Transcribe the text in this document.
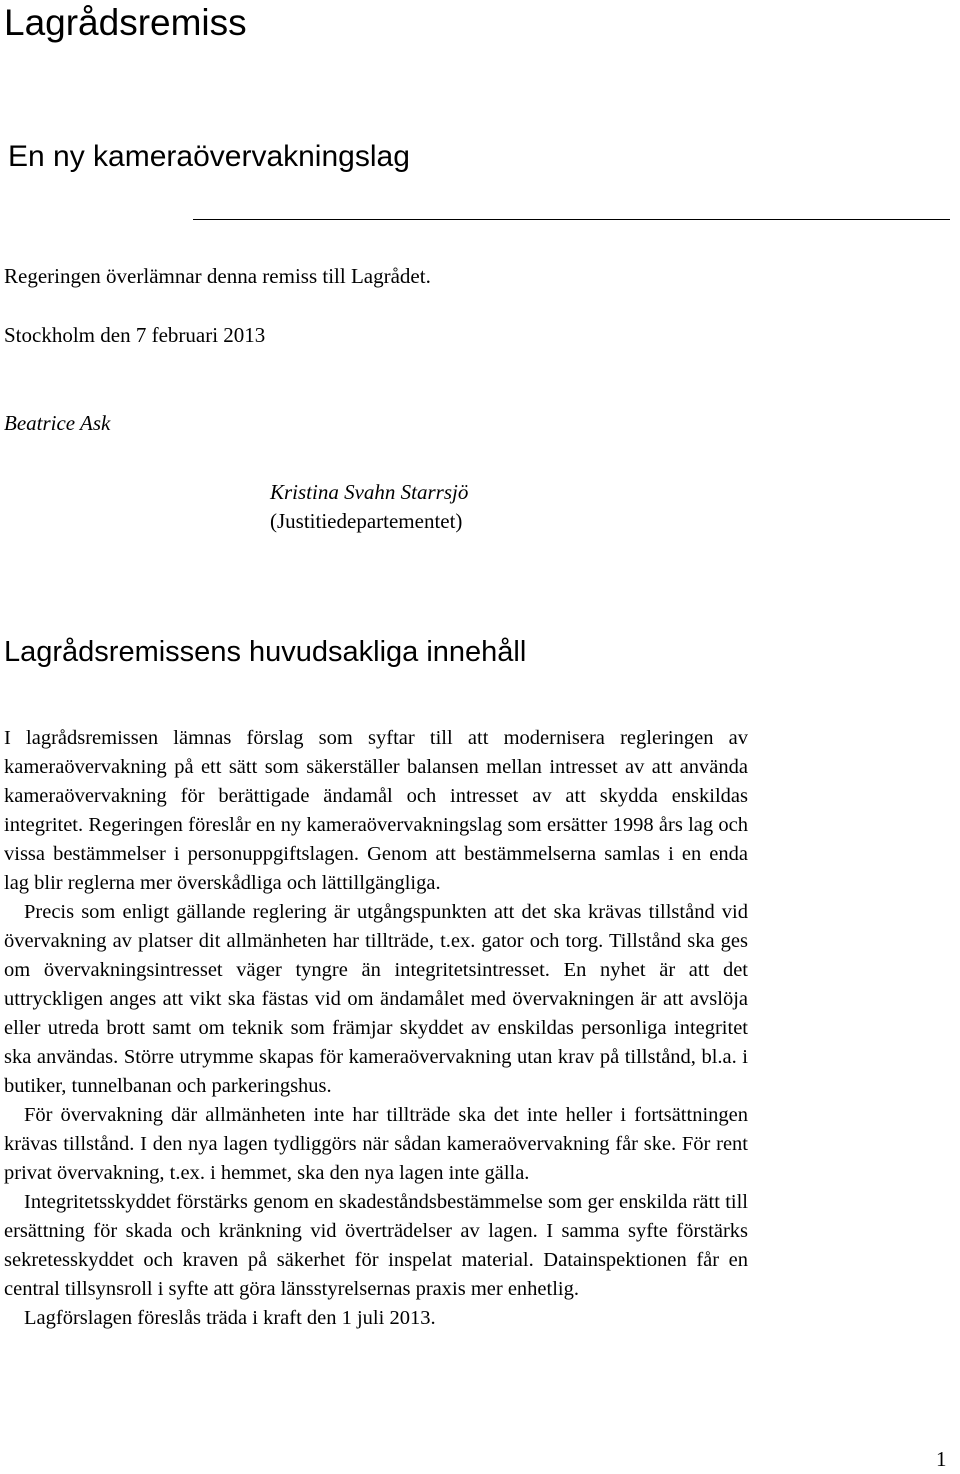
Lagrådsremiss
En ny kameraövervakningslag
Regeringen överlämnar denna remiss till Lagrådet.
Stockholm den 7 februari 2013
Beatrice Ask
Kristina Svahn Starrsjö
(Justitiedepartementet)
Lagrådsremissens huvudsakliga innehåll

I lagrådsremissen lämnas förslag som syftar till att modernisera regleringen av kameraövervakning på ett sätt som säkerställer balansen mellan intresset av att använda kameraövervakning för berättigade ändamål och intresset av att skydda enskildas integritet. Regeringen föreslår en ny kameraövervakningslag som ersätter 1998 års lag och vissa bestämmelser i personuppgiftslagen. Genom att bestämmelserna samlas i en enda lag blir reglerna mer överskådliga och lättillgängliga.

Precis som enligt gällande reglering är utgångspunkten att det ska krävas tillstånd vid övervakning av platser dit allmänheten har tillträde, t.ex. gator och torg. Tillstånd ska ges om övervakningsintresset väger tyngre än integritetsintresset. En nyhet är att det uttryckligen anges att vikt ska fästas vid om ändamålet med övervakningen är att avslöja eller utreda brott samt om teknik som främjar skyddet av enskildas personliga integritet ska användas. Större utrymme skapas för kameraövervakning utan krav på tillstånd, bl.a. i butiker, tunnelbanan och parkeringshus.

För övervakning där allmänheten inte har tillträde ska det inte heller i fortsättningen krävas tillstånd. I den nya lagen tydliggörs när sådan kameraövervakning får ske. För rent privat övervakning, t.ex. i hemmet, ska den nya lagen inte gälla.

Integritetsskyddet förstärks genom en skadeståndsbestämmelse som ger enskilda rätt till ersättning för skada och kränkning vid överträdelser av lagen. I samma syfte förstärks sekretesskyddet och kraven på säkerhet för inspelat material. Datainspektionen får en central tillsynsroll i syfte att göra länsstyrelsernas praxis mer enhetlig.

Lagförslagen föreslås träda i kraft den 1 juli 2013.

1
